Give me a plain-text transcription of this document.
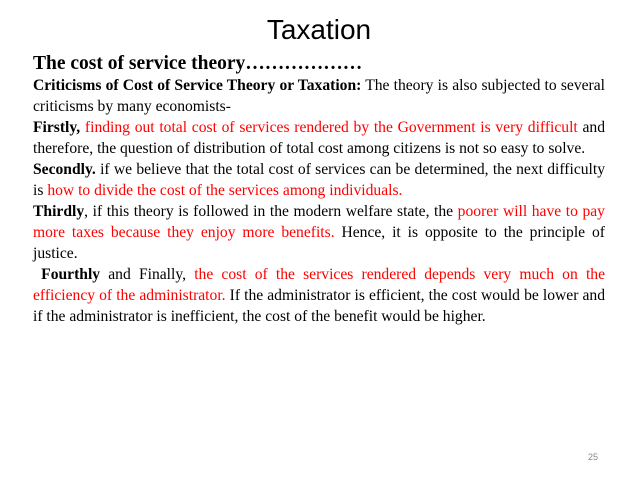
Taxation
The cost of service theory………………

Criticisms of Cost of Service Theory or Taxation: The theory is also subjected to several criticisms by many economists-

Firstly, finding out total cost of services rendered by the Government is very difficult and therefore, the question of distribution of total cost among citizens is not so easy to solve.

Secondly. if we believe that the total cost of services can be determined, the next difficulty is how to divide the cost of the services among individuals.

Thirdly, if this theory is followed in the modern welfare state, the poorer will have to pay more taxes because they enjoy more benefits. Hence, it is opposite to the principle of justice.

Fourthly and Finally, the cost of the services rendered depends very much on the efficiency of the administrator. If the administrator is efficient, the cost would be lower and if the administrator is inefficient, the cost of the benefit would be higher.

25
